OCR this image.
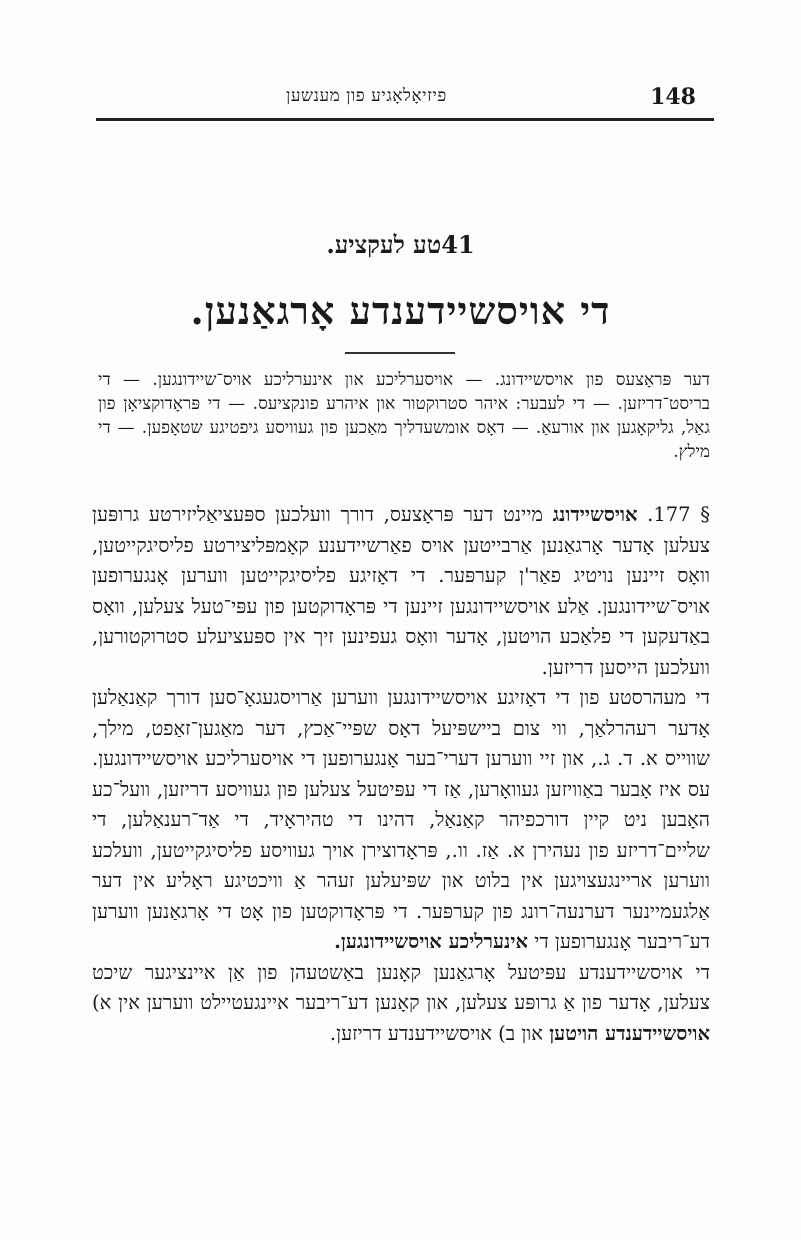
148
פיזיאָלאָגיע פון מענשען
41טע לעקציע.
די אויסשיידענדע אָרגאַנען.
דער פּראָצעס פון אויסשיידונג. — אויסערליכע און אינערליכע אויס־שיידונגען. — די בריסט־דריזען. — די לעבער: איהר סטרוקטור און איהרע פונקציעס. — די פּראָדוקציאָן פון גאַל, גליקאָגען און אורעאַ. — דאָס אומשעדליך מאַכען פון געוויסע גיפטיגע שטאָפען. — די מילץ.

§ 177. אויסשיידונג מיינט דער פּראָצעס, דורך וועלכען ספּעציאַליזירטע גרופּען צעלען אָדער אָרגאַנען אַרבייטען אויס פאַרשיידענע קאָמפּליצירטע פליסיגקייטען, וואָס זיינען נויטיג פאַר'ן קערפּער. די דאָזיגע פליסיגקייטען ווערען אָנגערופען אויס־שיידונגען. אַלע אויסשיידונגען זיינען די פּראָדוקטען פון עפּי־טעל צעלען, וואָס באַדעקען די פלאַכע הויטען, אָדער וואָס געפינען זיך אין ספּעציעלע סטרוקטורען, וועלכען הייסען דריזען.

די מעהרסטע פון די דאָזיגע אויסשיידונגען ווערען אַרויסגעגאָ־סען דורך קאַנאַלען אָדער רעהרלאַך, ווי צום ביישפּיעל דאָס שפּיי־אַכץ, דער מאַגען־זאַפט, מילך, שווייס א. ד. ג., און זיי ווערען דערי־בער אָנגערופען די אויסערליכע אויסשיידונגען. עס איז אָבער באַוויזען געוואָרען, אַז די עפּיטעל צעלען פון געוויסע דריזען, וועל־כע האָבען ניט קיין דורכפיהר קאַנאַל, דהינו די טהיראָיד, די אַד־רענאַלען, די שליים־דריזע פון נעהירן א. אַז. וו., פּראָדוצירן אויך געוויסע פליסיגקייטען, וועלכע ווערען אריינגעצויגען אין בלוט און שפּיעלען זעהר אַ וויכטיגע ראָליע אין דער אַלגעמיינער דערנעה־רונג פון קערפּער. די פּראָדוקטען פון אָט די אָרגאַנען ווערען דע־ריבער אָנגערופען די אינערליכע אויסשיידונגען.

די אויסשיידענדע עפּיטעל אָרגאַנען קאָנען באַשטעהן פון אַן איינציגער שיכט צעלען, אָדער פון אַ גרופּע צעלען, און קאָנען דע־ריבער איינגעטיילט ווערען אין א) אויסשיידענדע הויטען און ב) אויסשיידענדע דריזען.
